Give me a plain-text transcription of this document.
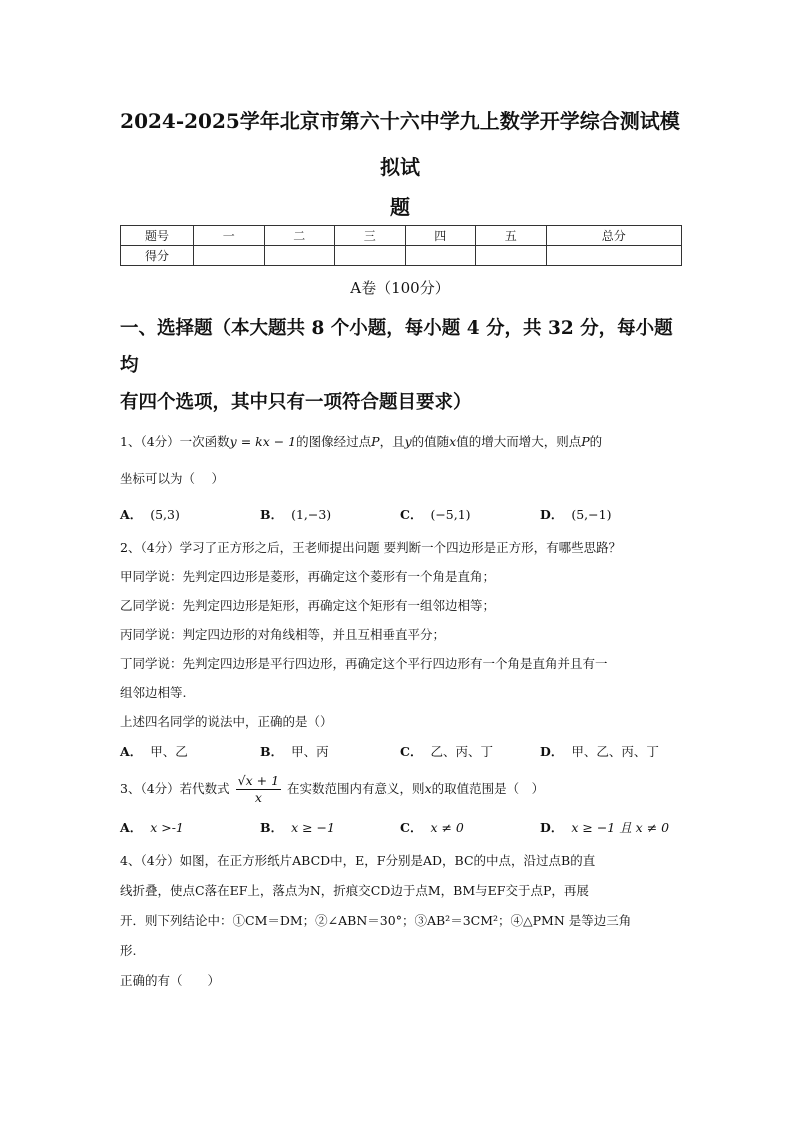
2024-2025学年北京市第六十六中学九上数学开学综合测试模拟试

题

题号	一	二	三	四	五	总分
得分						

A卷（100分）

一、选择题（本大题共 8 个小题，每小题 4 分，共 32 分，每小题均
有四个选项，其中只有一项符合题目要求）

1、（4分）一次函数y = kx − 1的图像经过点P，且y的值随x值的增大而增大，则点P的

坐标可以为（　 ）

A． (5,3)	B． (1,−3)	C． (−5,1)	D． (5,−1)

2、（4分）学习了正方形之后，王老师提出问题 要判断一个四边形是正方形，有哪些思路？

甲同学说：先判定四边形是菱形，再确定这个菱形有一个角是直角；

乙同学说：先判定四边形是矩形，再确定这个矩形有一组邻边相等；

丙同学说：判定四边形的对角线相等，并且互相垂直平分；

丁同学说：先判定四边形是平行四边形，再确定这个平行四边形有一个角是直角并且有一

组邻边相等.

上述四名同学的说法中，正确的是（）

A． 甲、乙	B． 甲、丙	C． 乙、丙、丁	D． 甲、乙、丙、丁

3、（4分）若代数式 $\frac{√x + 1}{x}$ 在实数范围内有意义，则x的取值范围是（　）

A． x >-1	B． x ≥ −1	C． x ≠ 0	D． x ≥ −1 且 x ≠ 0

4、（4分）如图，在正方形纸片ABCD中，E，F分别是AD，BC的中点，沿过点B的直

线折叠，使点C落在EF上，落点为N，折痕交CD边于点M，BM与EF交于点P，再展

开．则下列结论中：①CM＝DM；②∠ABN＝30°；③AB²＝3CM²；④△PMN 是等边三角

形.

正确的有（　　）
